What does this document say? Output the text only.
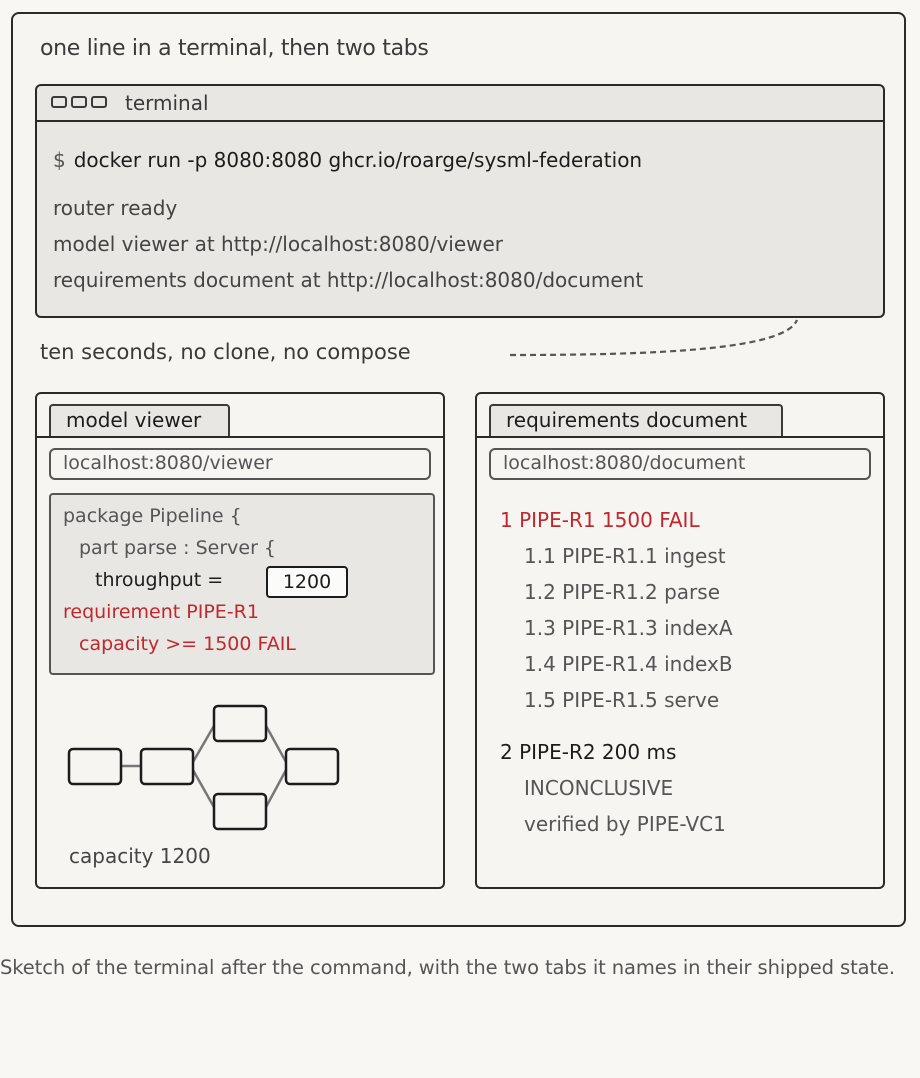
one line in a terminal, then two tabs
terminal
$ docker run -p 8080:8080 ghcr.io/roarge/sysml-federation
router ready
model viewer at http://localhost:8080/viewer
requirements document at http://localhost:8080/document
ten seconds, no clone, no compose
model viewer
localhost:8080/viewer
package Pipeline {
part parse : Server {
throughput =	1200
requirement PIPE-R1
capacity >= 1500 FAIL
capacity 1200
requirements document
localhost:8080/document
1 PIPE-R1 1500 FAIL
1.1 PIPE-R1.1 ingest
1.2 PIPE-R1.2 parse
1.3 PIPE-R1.3 indexA
1.4 PIPE-R1.4 indexB
1.5 PIPE-R1.5 serve
2 PIPE-R2 200 ms
INCONCLUSIVE
verified by PIPE-VC1
Sketch of the terminal after the command, with the two tabs it names in their shipped state.
